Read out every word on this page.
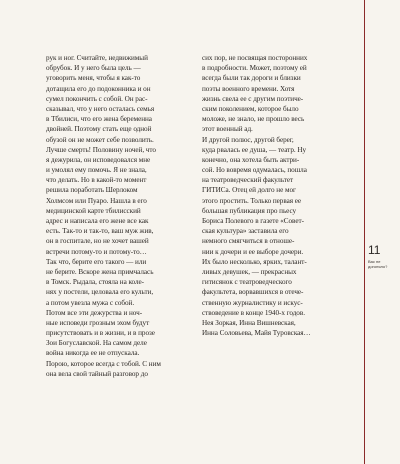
рук и ног. Считайте, недвижимый
обрубок. И у него была цель —
уговорить меня, чтобы я как-то
дотащила его до подоконника и он
сумел покончить с собой. Он рас-
сказывал, что у него осталась семья
в Тбилиси, что его жена беременна
двойней. Поэтому стать еще одной
обузой он не может себе позволить.
Лучше смерть! Половину ночей, что
я дежурила, он исповедовался мне
и умолял ему помочь. Я не знала,
что делать. Но в какой-то момент
решила поработать Шерлоком
Холмсом или Пуаро. Нашла в его
медицинской карте тбилисский
адрес и написала его жене все как
есть. Так-то и так-то, ваш муж жив,
он в госпитале, но не хочет вашей
встречи потому-то и потому-то…
Так что, берите его такого — или
не берите. Вскоре жена примчалась
в Томск. Рыдала, стояла на коле-
нях у постели, целовала его культи,
а потом увезла мужа с собой.
Потом все эти дежурства и ноч-
ные исповеди грозным эхом будут
присутствовать и в жизни, и в прозе
Зои Богуславской. На самом деле
война никогда ее не отпускала.
Порою, которое всегда с тобой. С ним
она вела свой тайный разговор до
сих пор, не посвящая посторонних
в подробности. Может, поэтому ей
всегда были так дороги и близки
поэты военного времени. Хотя
жизнь свела ее с другим поэтиче-
ским поколением, которое было
моложе, не знало, не прошло весь
этот военный ад.
И другой полюс, другой берег,
куда рвалась ее душа, — театр. Ну
конечно, она хотела быть актри-
сой. Но вовремя одумалась, пошла
на театроведческий факультет
ГИТИСа. Отец ей долго не мог
этого простить. Только первая ее
большая публикация про пьесу
Бориса Полевого в газете «Совет-
ская культура» заставила его
немного смягчиться в отноше-
нии к дочери и ее выборе дочери.
Их было несколько, ярких, талант-
ливых девушек, — прекрасных
гитисянок с театроведческого
факультета, ворвавшихся в отече-
ственную журналистику и искус-
ствоведение в конце 1940-х годов.
Нея Зоркая, Инна Вишневская,
Инна Соловьева, Майя Туровская…
11
Вас не догоняло?
